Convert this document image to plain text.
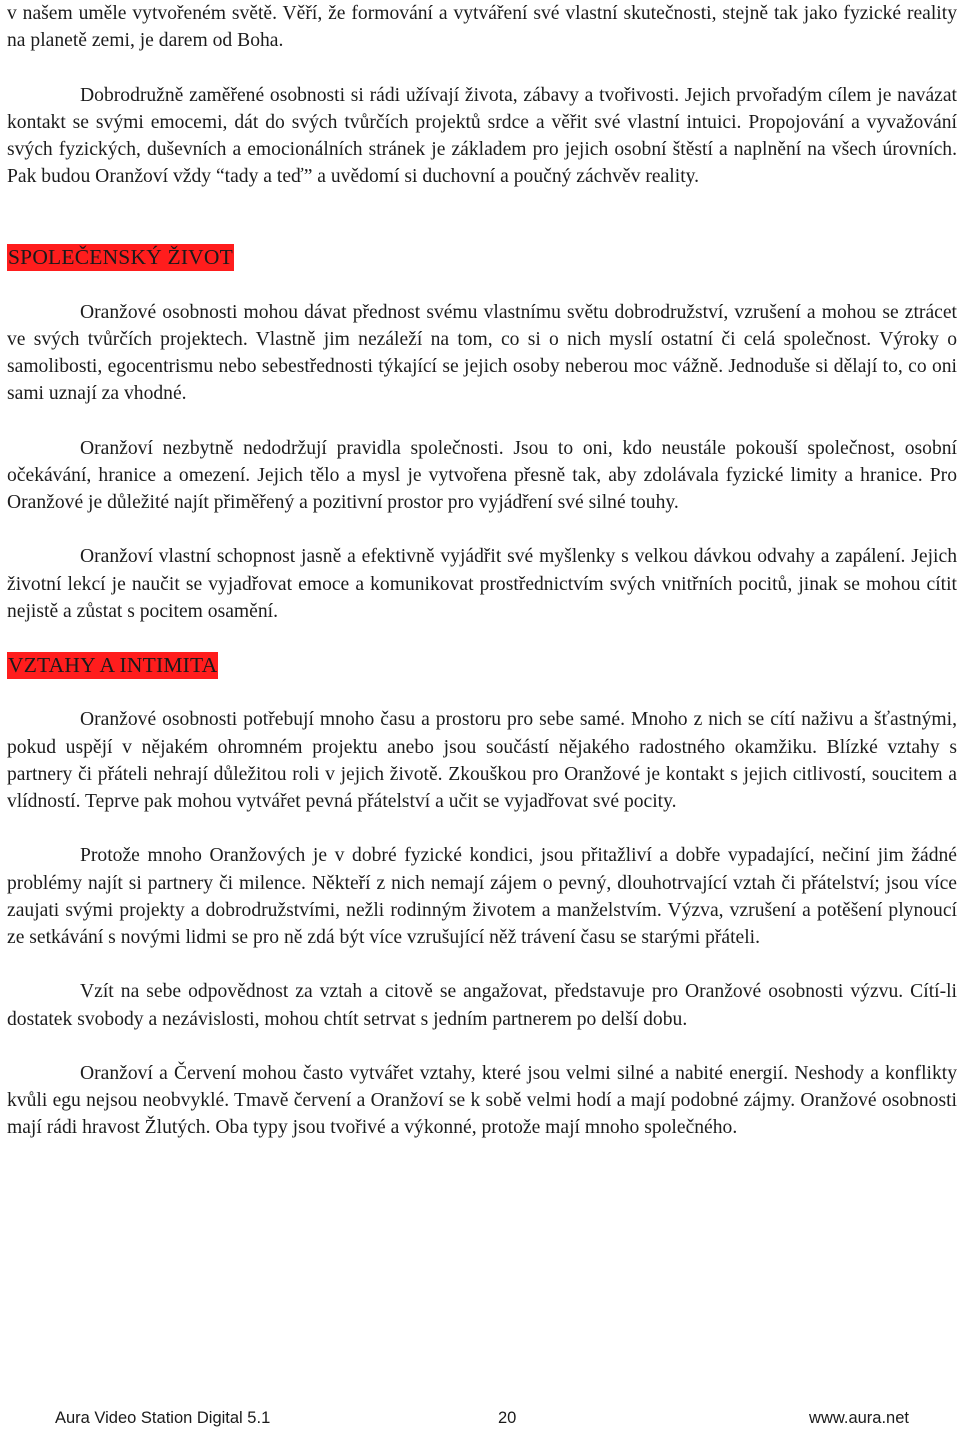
v našem uměle vytvořeném světě. Věří, že formování a vytváření své vlastní skutečnosti, stejně tak jako fyzické reality na planetě zemi, je darem od Boha.

Dobrodružně zaměřené osobnosti si rádi užívají života, zábavy a tvořivosti. Jejich prvořadým cílem je navázat kontakt se svými emocemi, dát do svých tvůrčích projektů srdce a věřit své vlastní intuici. Propojování a vyvažování svých fyzických, duševních a emocionálních stránek je základem pro jejich osobní štěstí a naplnění na všech úrovních. Pak budou Oranžoví vždy “tady a teď” a uvědomí si duchovní a poučný záchvěv reality.

SPOLEČENSKÝ ŽIVOT

Oranžové osobnosti mohou dávat přednost svému vlastnímu světu dobrodružství, vzrušení a mohou se ztrácet ve svých tvůrčích projektech. Vlastně jim nezáleží na tom, co si o nich myslí ostatní či celá společnost. Výroky o samolibosti, egocentrismu nebo sebestřednosti týkající se jejich osoby neberou moc vážně. Jednoduše si dělají to, co oni sami uznají za vhodné.

Oranžoví nezbytně nedodržují pravidla společnosti. Jsou to oni, kdo neustále pokouší společnost, osobní očekávání, hranice a omezení. Jejich tělo a mysl je vytvořena přesně tak, aby zdolávala fyzické limity a hranice. Pro Oranžové je důležité najít přiměřený a pozitivní prostor pro vyjádření své silné touhy.

Oranžoví vlastní schopnost jasně a efektivně vyjádřit své myšlenky s velkou dávkou odvahy a zapálení. Jejich životní lekcí je naučit se vyjadřovat emoce a komunikovat prostřednictvím svých vnitřních pocitů, jinak se mohou cítit nejistě a zůstat s pocitem osamění.

VZTAHY A INTIMITA

Oranžové osobnosti potřebují mnoho času a prostoru pro sebe samé. Mnoho z nich se cítí naživu a šťastnými, pokud uspějí v nějakém ohromném projektu anebo jsou součástí nějakého radostného okamžiku. Blízké vztahy s partnery či přáteli nehrají důležitou roli v jejich životě. Zkouškou pro Oranžové je kontakt s jejich citlivostí, soucitem a vlídností. Teprve pak mohou vytvářet pevná přátelství a učit se vyjadřovat své pocity.

Protože mnoho Oranžových je v dobré fyzické kondici, jsou přitažliví a dobře vypadající, nečiní jim žádné problémy najít si partnery či milence. Někteří z nich nemají zájem o pevný, dlouhotrvající vztah či přátelství; jsou více zaujati svými projekty a dobrodružstvími, nežli rodinným životem a manželstvím. Výzva, vzrušení a potěšení plynoucí ze setkávání s novými lidmi se pro ně zdá být více vzrušující něž trávení času se starými přáteli.

Vzít na sebe odpovědnost za vztah a citově se angažovat, představuje pro Oranžové osobnosti výzvu. Cítí-li dostatek svobody a nezávislosti, mohou chtít setrvat s jedním partnerem po delší dobu.

Oranžoví a Červení mohou často vytvářet vztahy, které jsou velmi silné a nabité energií. Neshody a konflikty kvůli egu nejsou neobvyklé. Tmavě červení a Oranžoví se k sobě velmi hodí a mají podobné zájmy. Oranžové osobnosti mají rádi hravost Žlutých. Oba typy jsou tvořivé a výkonné, protože mají mnoho společného.

Aura Video Station Digital 5.1	20	www.aura.net
